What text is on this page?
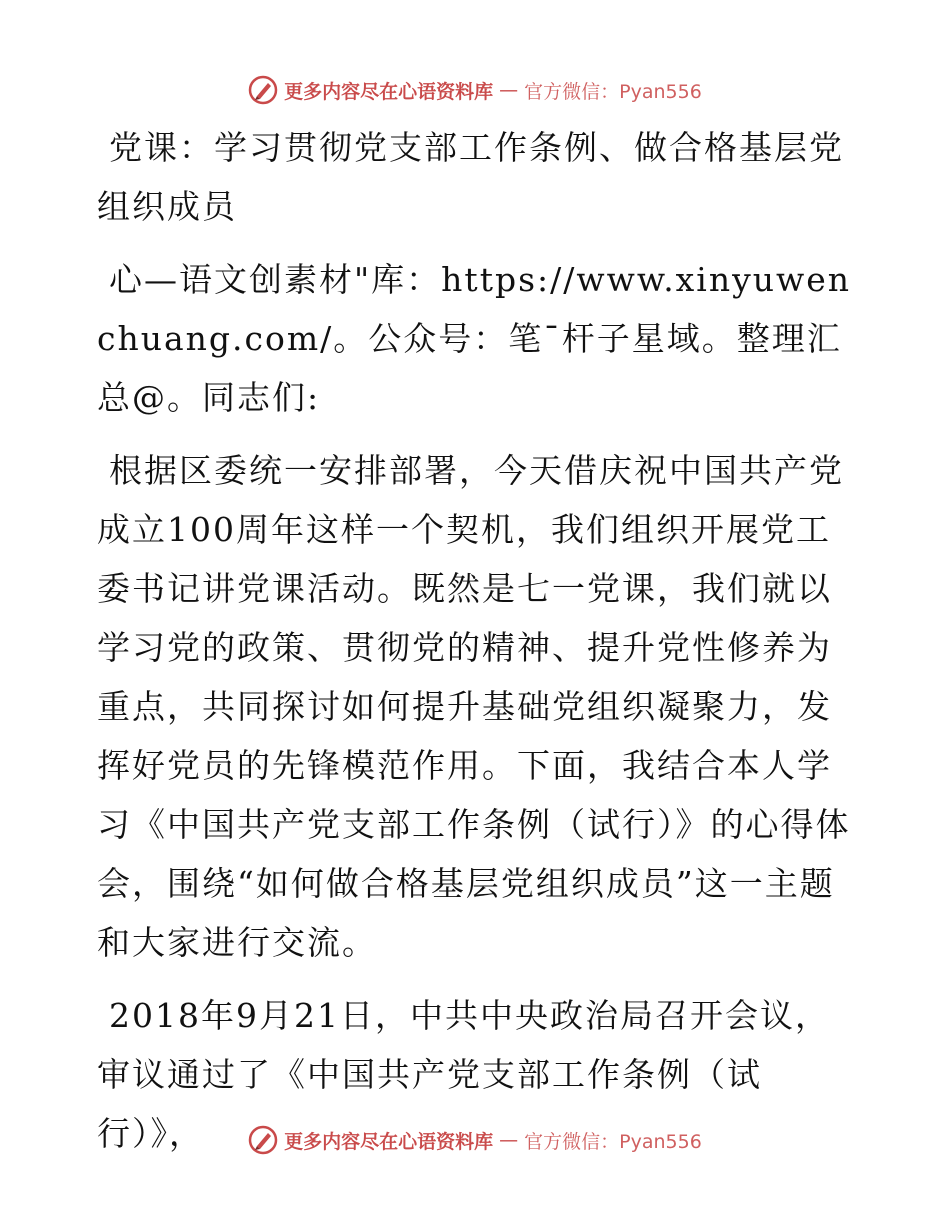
更多内容尽在心语资料库 — 官方微信：Pyan556

党课：学习贯彻党支部工作条例、做合格基层党组织成员

心—语文创素材"库：https://www.xinyuwenchuang.com/。公众号：笔¯杆子星域。整理汇总@。同志们:

根据区委统一安排部署，今天借庆祝中国共产党成立100周年这样一个契机，我们组织开展党工委书记讲党课活动。既然是七一党课，我们就以学习党的政策、贯彻党的精神、提升党性修养为重点，共同探讨如何提升基础党组织凝聚力，发挥好党员的先锋模范作用。下面，我结合本人学习《中国共产党支部工作条例（试行）》的心得体会，围绕“如何做合格基层党组织成员”这一主题和大家进行交流。

2018年9月21日，中共中央政治局召开会议，审议通过了《中国共产党支部工作条例（试行）》，	更多内容尽在心语资料库 — 官方微信：Pyan556
